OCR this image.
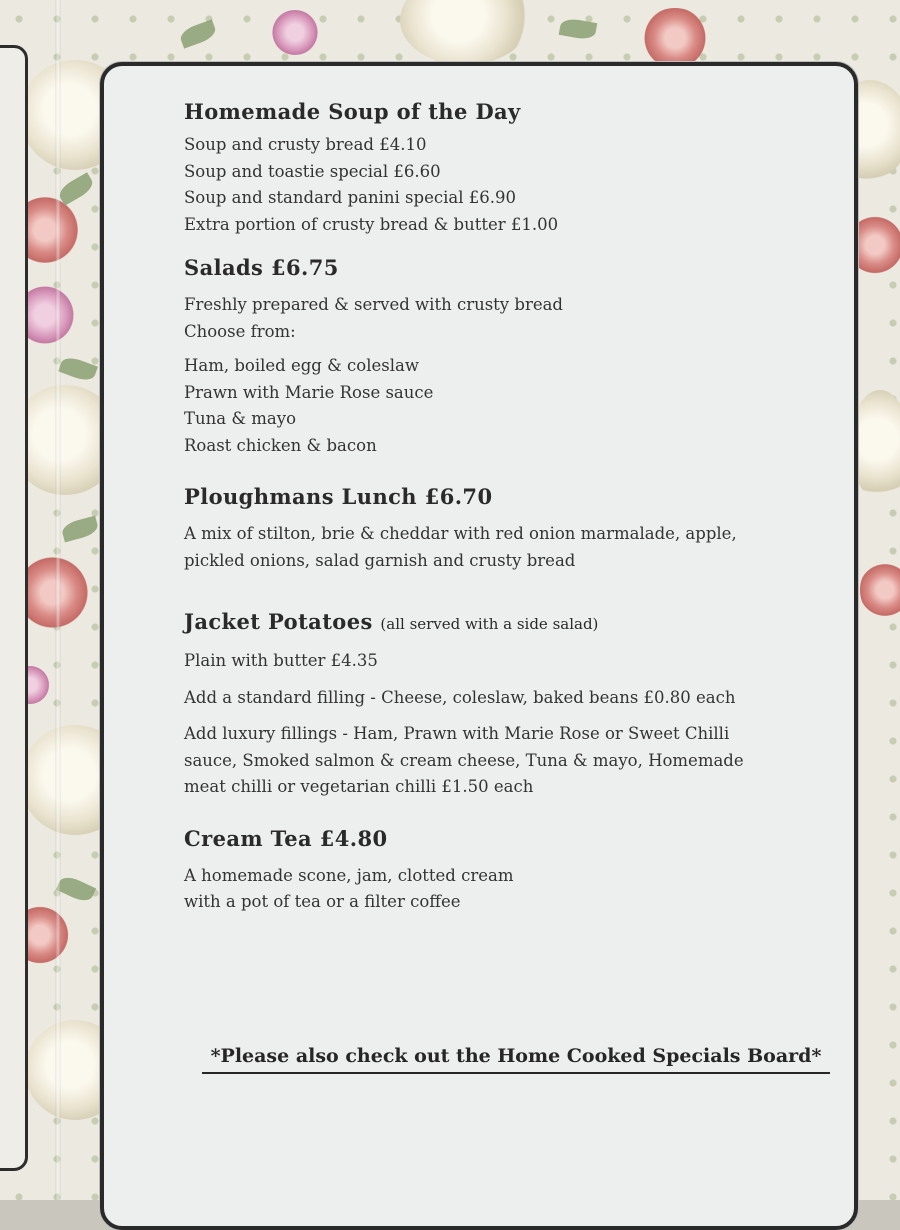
Homemade Soup of the Day

Soup and crusty bread £4.10

Soup and toastie special £6.60

Soup and standard panini special £6.90

Extra portion of crusty bread & butter £1.00

Salads £6.75

Freshly prepared & served with crusty bread

Choose from:

Ham, boiled egg & coleslaw

Prawn with Marie Rose sauce

Tuna & mayo

Roast chicken & bacon

Ploughmans Lunch £6.70

A mix of stilton, brie & cheddar with red onion marmalade, apple,

pickled onions, salad garnish and crusty bread

Jacket Potatoes (all served with a side salad)

Plain with butter £4.35

Add a standard filling - Cheese, coleslaw, baked beans £0.80 each

Add luxury fillings - Ham, Prawn with Marie Rose or Sweet Chilli

sauce, Smoked salmon & cream cheese, Tuna & mayo, Homemade

meat chilli or vegetarian chilli £1.50 each

Cream Tea £4.80

A homemade scone, jam, clotted cream

with a pot of tea or a filter coffee

*Please also check out the Home Cooked Specials Board*
